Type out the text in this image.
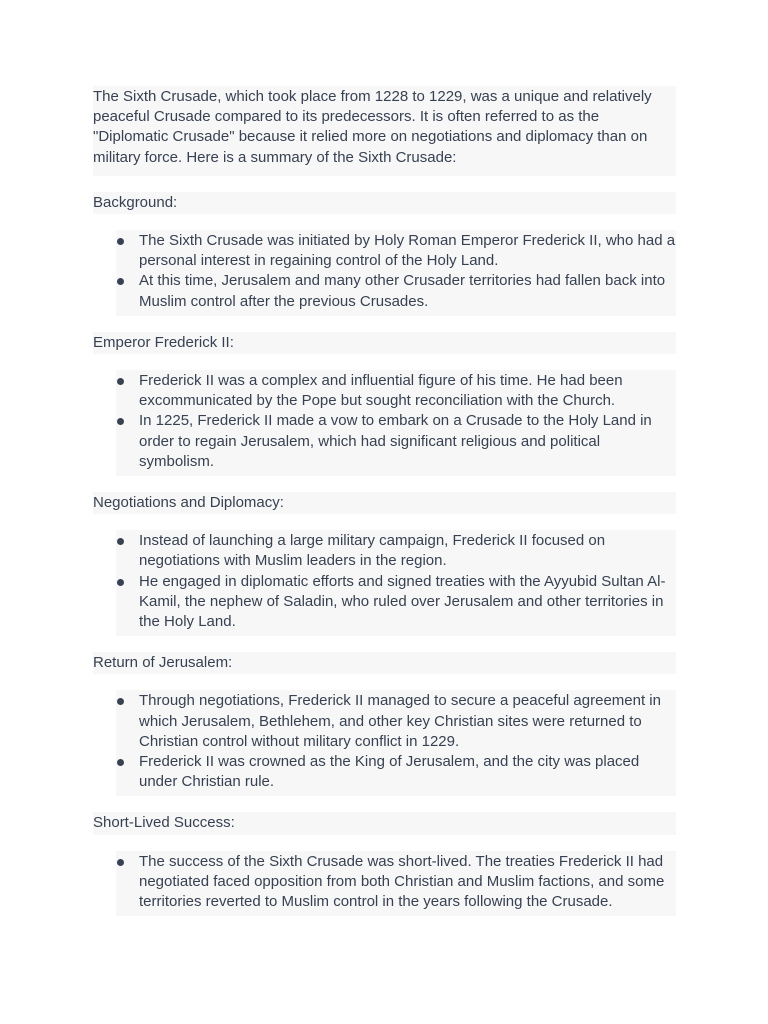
The Sixth Crusade, which took place from 1228 to 1229, was a unique and relatively peaceful Crusade compared to its predecessors. It is often referred to as the "Diplomatic Crusade" because it relied more on negotiations and diplomacy than on military force. Here is a summary of the Sixth Crusade:

Background:

The Sixth Crusade was initiated by Holy Roman Emperor Frederick II, who had a personal interest in regaining control of the Holy Land.
At this time, Jerusalem and many other Crusader territories had fallen back into Muslim control after the previous Crusades.

Emperor Frederick II:

Frederick II was a complex and influential figure of his time. He had been excommunicated by the Pope but sought reconciliation with the Church.
In 1225, Frederick II made a vow to embark on a Crusade to the Holy Land in order to regain Jerusalem, which had significant religious and political symbolism.

Negotiations and Diplomacy:

Instead of launching a large military campaign, Frederick II focused on negotiations with Muslim leaders in the region.
He engaged in diplomatic efforts and signed treaties with the Ayyubid Sultan Al-Kamil, the nephew of Saladin, who ruled over Jerusalem and other territories in the Holy Land.

Return of Jerusalem:

Through negotiations, Frederick II managed to secure a peaceful agreement in which Jerusalem, Bethlehem, and other key Christian sites were returned to Christian control without military conflict in 1229.
Frederick II was crowned as the King of Jerusalem, and the city was placed under Christian rule.

Short-Lived Success:

The success of the Sixth Crusade was short-lived. The treaties Frederick II had negotiated faced opposition from both Christian and Muslim factions, and some territories reverted to Muslim control in the years following the Crusade.
